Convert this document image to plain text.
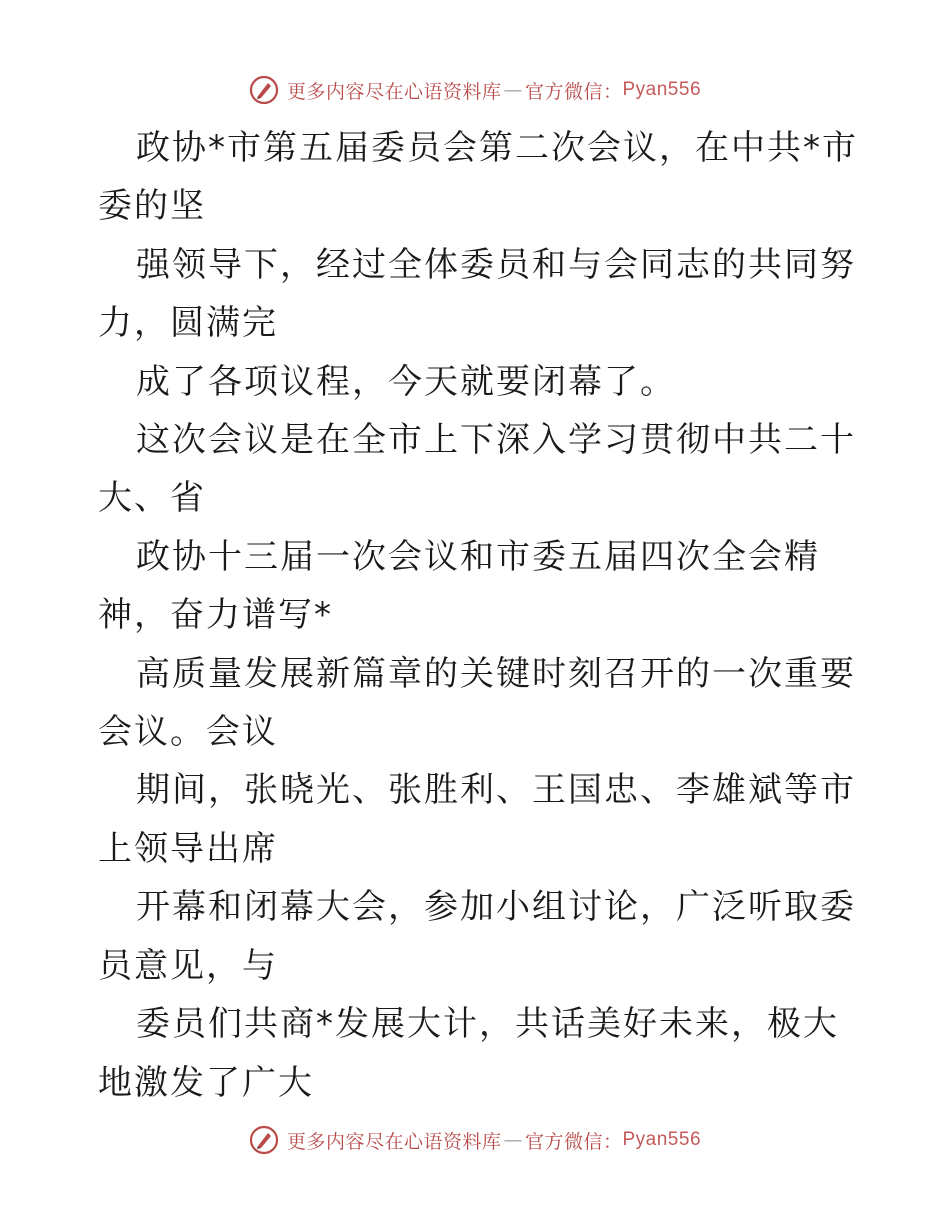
更多内容尽在心语资料库 — 官方微信： Pyan556

政协*市第五届委员会第二次会议，在中共*市委的坚

强领导下，经过全体委员和与会同志的共同努力，圆满完

成了各项议程，今天就要闭幕了。

这次会议是在全市上下深入学习贯彻中共二十大、省

政协十三届一次会议和市委五届四次全会精神，奋力谱写*

高质量发展新篇章的关键时刻召开的一次重要会议。会议

期间，张晓光、张胜利、王国忠、李雄斌等市上领导出席

开幕和闭幕大会，参加小组讨论，广泛听取委员意见，与

委员们共商*发展大计，共话美好未来，极大地激发了广大

更多内容尽在心语资料库 — 官方微信： Pyan556
